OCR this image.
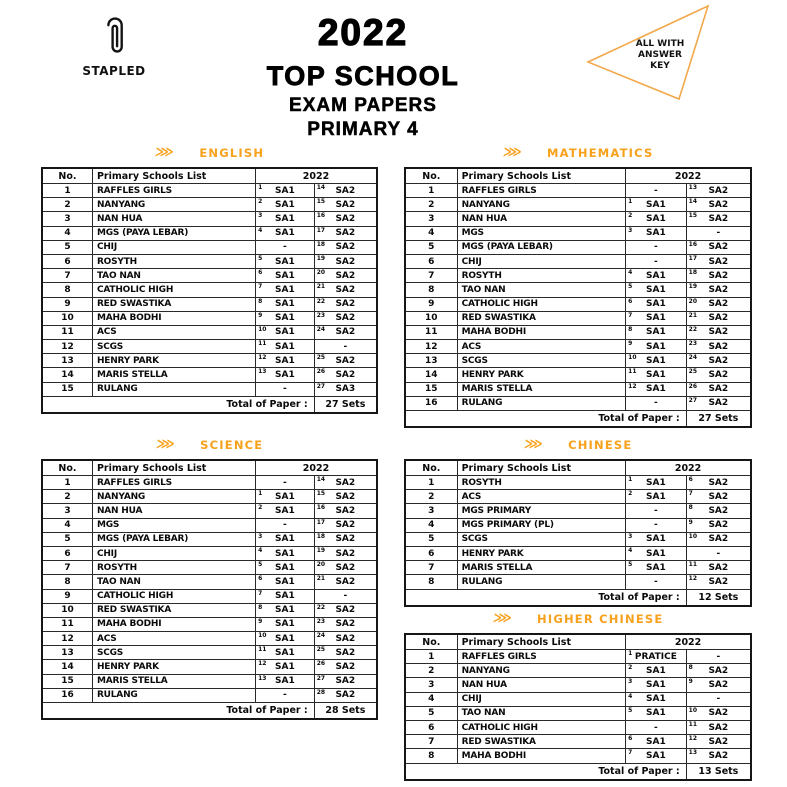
STAPLED
2022
TOP SCHOOL
EXAM PAPERS
PRIMARY 4
ALL WITH
ANSWER
KEY
⋙ ENGLISH
No.	Primary Schools List	2022
1	RAFFLES GIRLS	1 SA1	14 SA2
2	NANYANG	2 SA1	15 SA2
3	NAN HUA	3 SA1	16 SA2
4	MGS (PAYA LEBAR)	4 SA1	17 SA2
5	CHIJ	-	18 SA2
6	ROSYTH	5 SA1	19 SA2
7	TAO NAN	6 SA1	20 SA2
8	CATHOLIC HIGH	7 SA1	21 SA2
9	RED SWASTIKA	8 SA1	22 SA2
10	MAHA BODHI	9 SA1	23 SA2
11	ACS	10 SA1	24 SA2
12	SCGS	11 SA1	-
13	HENRY PARK	12 SA1	25 SA2
14	MARIS STELLA	13 SA1	26 SA2
15	RULANG	-	27 SA3
Total of Paper :	27 Sets
⋙ MATHEMATICS
No.	Primary Schools List	2022
1	RAFFLES GIRLS	-	13 SA2
2	NANYANG	1 SA1	14 SA2
3	NAN HUA	2 SA1	15 SA2
4	MGS	3 SA1	-
5	MGS (PAYA LEBAR)	-	16 SA2
6	CHIJ	-	17 SA2
7	ROSYTH	4 SA1	18 SA2
8	TAO NAN	5 SA1	19 SA2
9	CATHOLIC HIGH	6 SA1	20 SA2
10	RED SWASTIKA	7 SA1	21 SA2
11	MAHA BODHI	8 SA1	22 SA2
12	ACS	9 SA1	23 SA2
13	SCGS	10 SA1	24 SA2
14	HENRY PARK	11 SA1	25 SA2
15	MARIS STELLA	12 SA1	26 SA2
16	RULANG	-	27 SA2
Total of Paper :	27 Sets
⋙ SCIENCE
No.	Primary Schools List	2022
1	RAFFLES GIRLS	-	14 SA2
2	NANYANG	1 SA1	15 SA2
3	NAN HUA	2 SA1	16 SA2
4	MGS	-	17 SA2
5	MGS (PAYA LEBAR)	3 SA1	18 SA2
6	CHIJ	4 SA1	19 SA2
7	ROSYTH	5 SA1	20 SA2
8	TAO NAN	6 SA1	21 SA2
9	CATHOLIC HIGH	7 SA1	-
10	RED SWASTIKA	8 SA1	22 SA2
11	MAHA BODHI	9 SA1	23 SA2
12	ACS	10 SA1	24 SA2
13	SCGS	11 SA1	25 SA2
14	HENRY PARK	12 SA1	26 SA2
15	MARIS STELLA	13 SA1	27 SA2
16	RULANG	-	28 SA2
Total of Paper :	28 Sets
⋙ CHINESE
No.	Primary Schools List	2022
1	ROSYTH	1 SA1	6 SA2
2	ACS	2 SA1	7 SA2
3	MGS PRIMARY	-	8 SA2
4	MGS PRIMARY (PL)	-	9 SA2
5	SCGS	3 SA1	10 SA2
6	HENRY PARK	4 SA1	-
7	MARIS STELLA	5 SA1	11 SA2
8	RULANG	-	12 SA2
Total of Paper :	12 Sets
⋙ HIGHER CHINESE
No.	Primary Schools List	2022
1	RAFFLES GIRLS	1 PRATICE	-
2	NANYANG	2 SA1	8 SA2
3	NAN HUA	3 SA1	9 SA2
4	CHIJ	4 SA1	-
5	TAO NAN	5 SA1	10 SA2
6	CATHOLIC HIGH	-	11 SA2
7	RED SWASTIKA	6 SA1	12 SA2
8	MAHA BODHI	7 SA1	13 SA2
Total of Paper :	13 Sets
